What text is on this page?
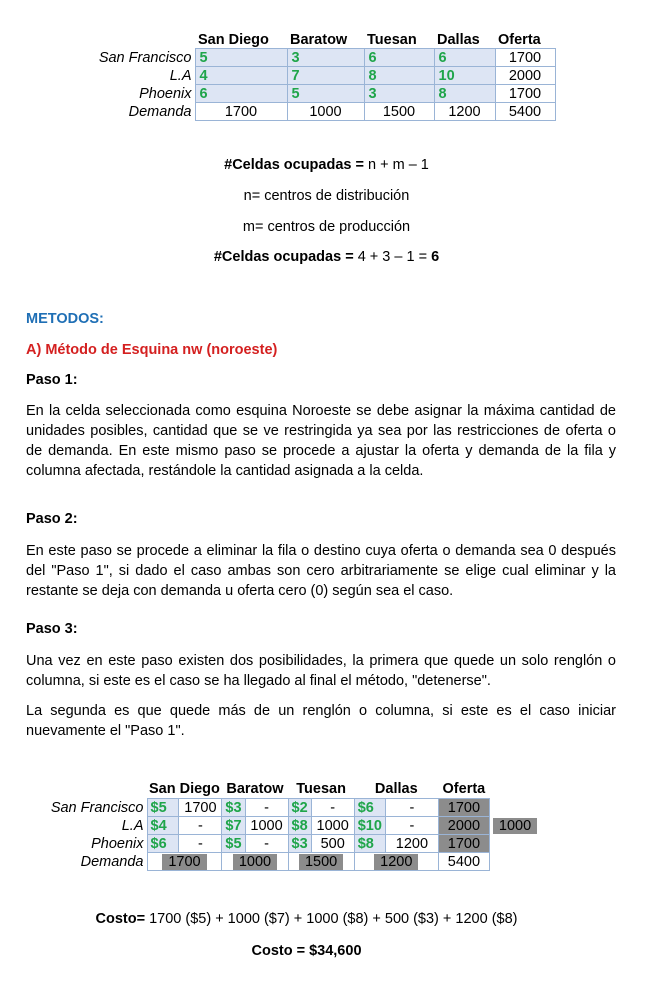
	San Diego	Baratow	Tuesan	Dallas	Oferta
San Francisco	5	3	6	6	1700
L.A	4	7	8	10	2000
Phoenix	6	5	3	8	1700
Demanda	1700	1000	1500	1200	5400
#Celdas ocupadas = n + m – 1
n= centros de distribución
m= centros de producción
#Celdas ocupadas = 4 + 3 – 1 = 6
METODOS:
A) Método de Esquina nw (noroeste)
Paso 1:
En la celda seleccionada como esquina Noroeste se debe asignar la máxima cantidad de unidades posibles, cantidad que se ve restringida ya sea por las restricciones de oferta o de demanda. En este mismo paso se procede a ajustar la oferta y demanda de la fila y columna afectada, restándole la cantidad asignada a la celda.
Paso 2:
En este paso se procede a eliminar la fila o destino cuya oferta o demanda sea 0 después del "Paso 1", si dado el caso ambas son cero arbitrariamente se elige cual eliminar y la restante se deja con demanda u oferta cero (0) según sea el caso.
Paso 3:
Una vez en este paso existen dos posibilidades, la primera que quede un solo renglón o columna, si este es el caso se ha llegado al final el método, "detenerse".
La segunda es que quede más de un renglón o columna, si este es el caso iniciar nuevamente el "Paso 1".
	San Diego		Baratow		Tuesan		Dallas		Oferta	
San Francisco	$5	1700	$3	-	$2	-	$6	-	1700	
L.A	$4	-	$7	1000	$8	1000	$10	-	2000	1000
Phoenix	$6	-	$5	-	$3	500	$8	1200	1700	
Demanda	1700		1000		1500		1200		5400	
Costo= 1700 ($5) + 1000 ($7) + 1000 ($8) + 500 ($3) + 1200 ($8)
Costo = $34,600
